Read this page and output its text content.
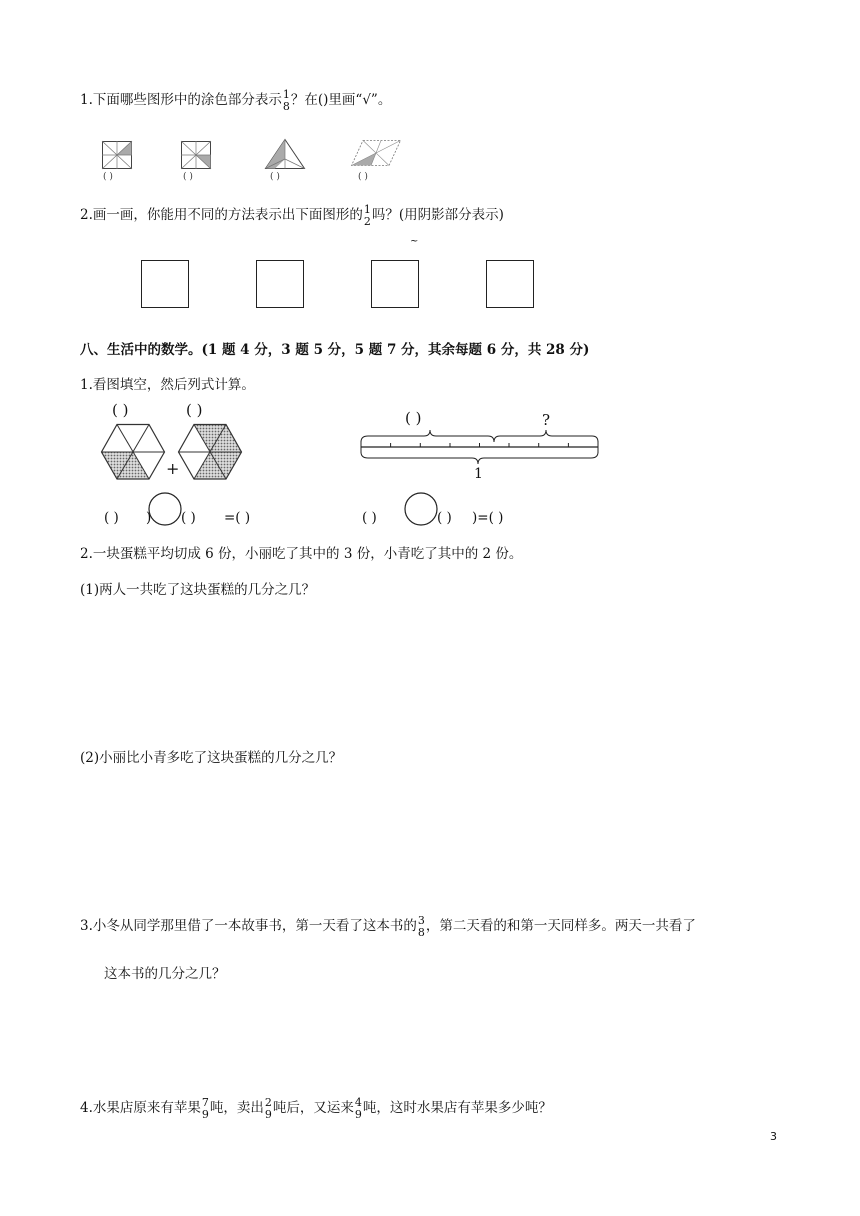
1.下面哪些图形中的涂色部分表示 1
8 ？在()里画“√”。
( )	( )	( )	( )
2.画一画，你能用不同的方法表示出下面图形的 1
2 吗？(用阴影部分表示)
~
八、生活中的数学。(1 题 4 分，3 题 5 分，5 题 7 分，其余每题 6 分，共 28 分)
1.看图填空，然后列式计算。
( )	( )
+
( )	?
1
( ) ) ( ) =( )	( )	( ) )=( )
2.一块蛋糕平均切成 6 份，小丽吃了其中的 3 份，小青吃了其中的 2 份。
(1)两人一共吃了这块蛋糕的几分之几？
(2)小丽比小青多吃了这块蛋糕的几分之几？
3.小冬从同学那里借了一本故事书，第一天看了这本书的 3
8 ，第二天看的和第一天同样多。两天一共看了
这本书的几分之几？
4.水果店原来有苹果 7
9 吨，卖出 2
9 吨后，又运来 4
9 吨，这时水果店有苹果多少吨？
3
